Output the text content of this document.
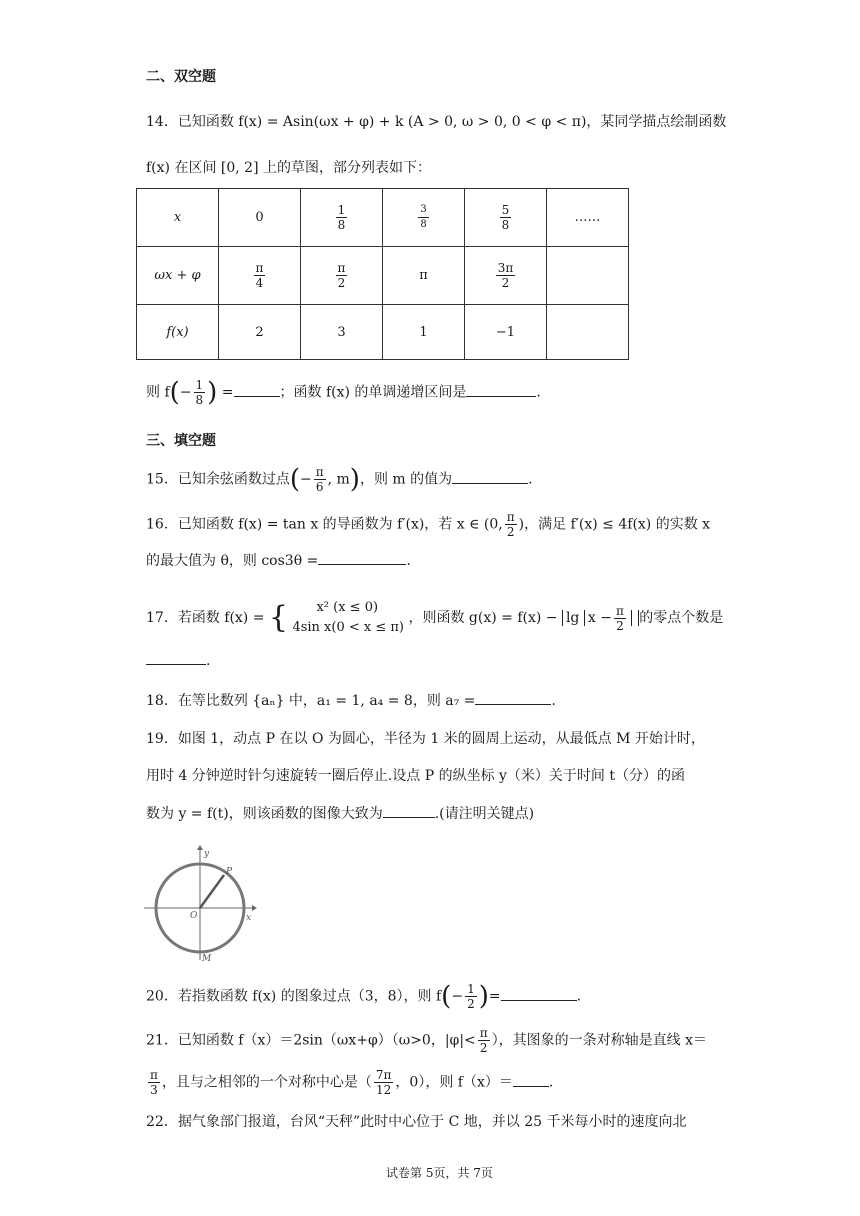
二、双空题
14．已知函数 f(x) = Asin(ωx + φ) + k (A > 0, ω > 0, 0 < φ < π)，某同学描点绘制函数
f(x) 在区间 [0, 2] 上的草图，部分列表如下：
x	0	$\frac{1}{8}$	$\frac{3}{8}$	$\frac{5}{8}$	……
ωx + φ	$\frac{\pi}{4}$	$\frac{\pi}{2}$	π	$\frac{3\pi}{2}$

f(x)	2	3	1	−1	
则 $f(- \frac{1}{8}$ ) =	；函数 f(x) 的单调递增区间是	.
三、填空题
15．已知余弦函数过点(− $\frac{\pi}{6}$ , m)，则 m 的值为	.
16．已知函数 f(x) = tan x 的导函数为 f′(x)，若 x ∈ (0, $\frac{\pi}{2}$ )，满足 f′(x) ≤ 4f(x) 的实数 x
的最大值为 θ，则 cos3θ =	.
17．若函数 f(x) = {	x² (x ≤ 0)
4sin x(0 < x ≤ π)
，则函数 $g(x) = f(x) - \lg x - \frac{\pi}{2}$ 的零点个数是
.
18．在等比数列 {aₙ} 中，a₁ = 1, a₄ = 8，则 a₇ =	.
19．如图 1，动点 P 在以 O 为圆心，半径为 1 米的圆周上运动，从最低点 M 开始计时，
用时 4 分钟逆时针匀速旋转一圈后停止.设点 P 的纵坐标 y（米）关于时间 t（分）的函
数为 y = f(t)，则该函数的图像大致为	.(请注明关键点)
y
x
O
P
M
20．若指数函数 f(x) 的图象过点（3，8），则 $f(- \frac{1}{2}$ )=	.
21．已知函数 f（x）＝2sin（ωx+φ）（ω>0，$|\varphi|< \frac{\pi}{2}$ ），其图象的一条对称轴是直线 x＝
$\frac{\pi}{3}$ ，且与之相邻的一个对称中心是（ $\frac{7\pi}{12}$ ，0），则 f（x）＝	.
22．据气象部门报道，台风“天秤”此时中心位于 C 地，并以 25 千米每小时的速度向北
试卷第 5页，共 7页
